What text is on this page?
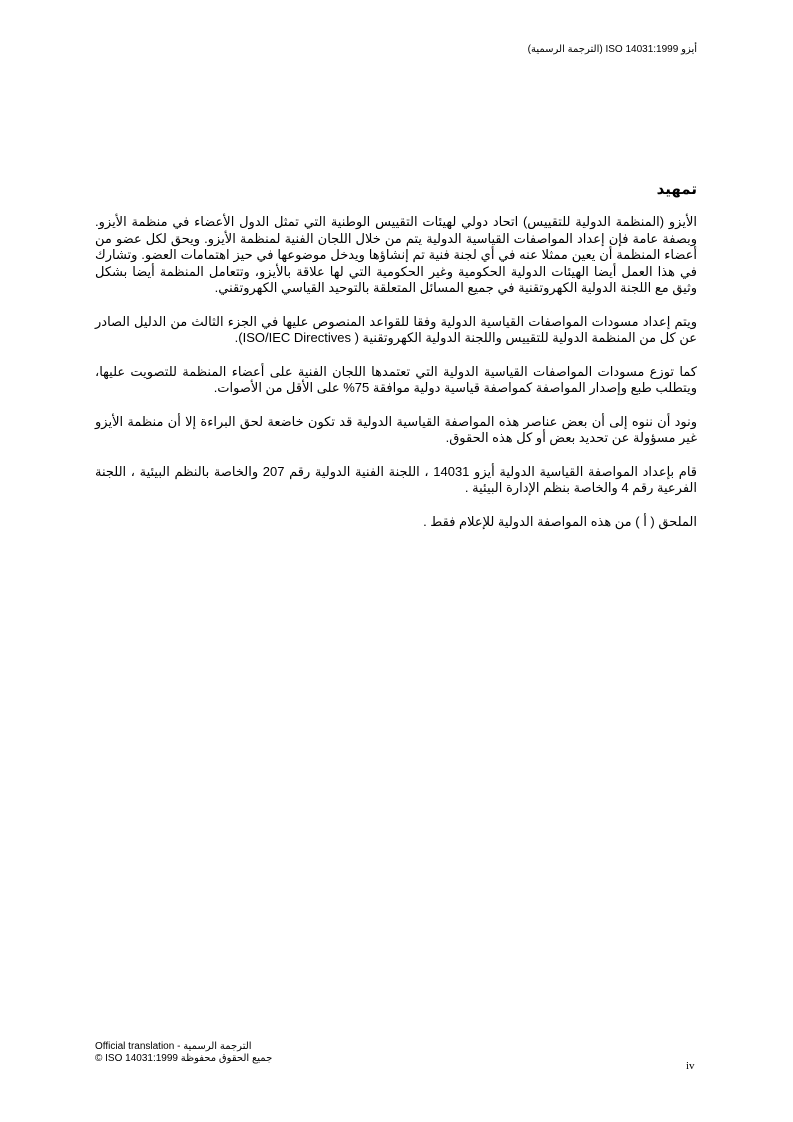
أيزو ISO 14031:1999 (الترجمة الرسمية)
تمهيد

الأيزو (المنظمة الدولية للتقييس) اتحاد دولي لهيئات التقييس الوطنية التي تمثل الدول الأعضاء في منظمة الأيزو. وبصفة عامة فإن إعداد المواصفات القياسية الدولية يتم من خلال اللجان الفنية لمنظمة الأيزو. ويحق لكل عضو من أعضاء المنظمة أن يعين ممثلا عنه في أي لجنة فنية تم إنشاؤها ويدخل موضوعها في حيز اهتمامات العضو. وتشارك في هذا العمل أيضا الهيئات الدولية الحكومية وغير الحكومية التي لها علاقة بالأيزو، وتتعامل المنظمة أيضا بشكل وثيق مع اللجنة الدولية الكهروتقنية في جميع المسائل المتعلقة بالتوحيد القياسي الكهروتقني.

ويتم إعداد مسودات المواصفات القياسية الدولية وفقا للقواعد المنصوص عليها في الجزء الثالث من الدليل الصادر عن كل من المنظمة الدولية للتقييس واللجنة الدولية الكهروتقنية ( ISO/IEC Directives).

كما توزع مسودات المواصفات القياسية الدولية التي تعتمدها اللجان الفنية على أعضاء المنظمة للتصويت عليها، ويتطلب طبع وإصدار المواصفة كمواصفة قياسية دولية موافقة 75% على الأقل من الأصوات.

ونود أن ننوه إلى أن بعض عناصر هذه المواصفة القياسية الدولية قد تكون خاضعة لحق البراءة إلا أن منظمة الأيزو غير مسؤولة عن تحديد بعض أو كل هذه الحقوق.

قام بإعداد المواصفة القياسية الدولية أيزو 14031 ، اللجنة الفنية الدولية رقم 207 والخاصة بالنظم البيئية ، اللجنة الفرعية رقم 4 والخاصة بنظم الإدارة البيئية .

الملحق ( أ ) من هذه المواصفة الدولية للإعلام فقط .

Official translation - الترجمة الرسمية
© ISO 14031:1999 جميع الحقوق محفوظة
iv
